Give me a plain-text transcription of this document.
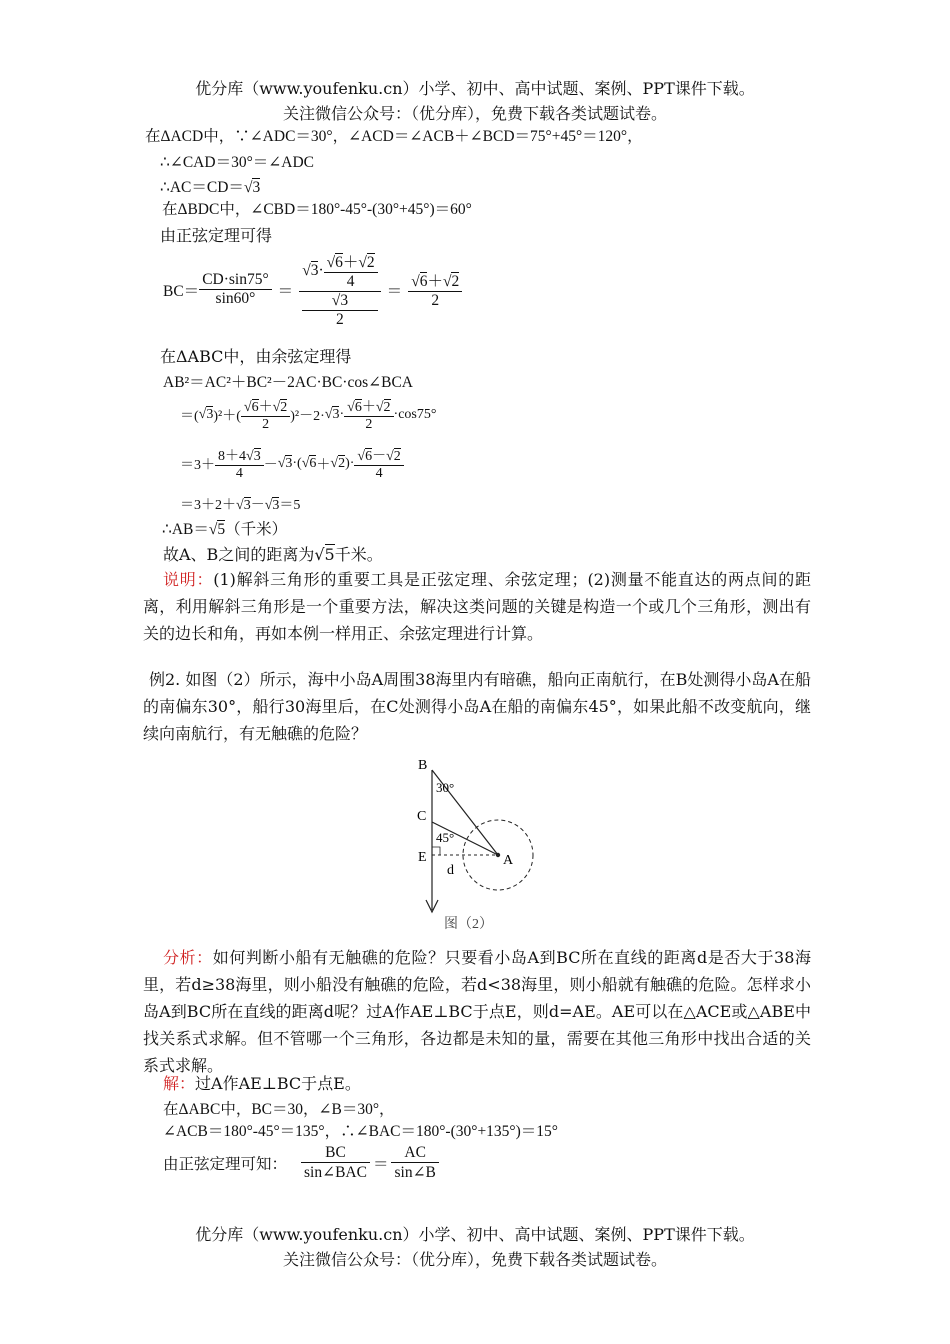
优分库（www.youfenku.cn）小学、初中、高中试题、案例、PPT课件下载。
关注微信公众号：（优分库），免费下载各类试题试卷。
在ΔACD中，∵∠ADC＝30°，∠ACD＝∠ACB＋∠BCD＝75°+45°＝120°，
∴∠CAD＝30°＝∠ADC
∴AC＝CD＝√3
在ΔBDC中，∠CBD＝180°-45°-(30°+45°)＝60°
由正弦定理可得
$BC= \frac{CD\cdot\sin 75^\circ}{\sin 60^\circ}$ ＝ √ $3 \cdot \frac{√6+√2}{4}$
√3
$2 = \frac{√6+√2}{2}$
在ΔABC中，由余弦定理得
AB²＝AC²＋BC²－2AC·BC·cos∠BCA
＝( √ 3 )$^2+( \frac{√6+√2}{2} )^2-2\cdot$ √ $3 \cdot \frac{√6+√2}{2} \cdot\cos 75^\circ$
$=3+ \frac{8+4√3}{4}$ － √ 3 ·( √ 6 ＋ √ 2 )· $\frac{√6-√2}{4}$
＝3＋2＋√3－√3＝5
∴AB＝√5（千米）
故A、B之间的距离为√5千米。
说明：(1)解斜三角形的重要工具是正弦定理、余弦定理；(2)测量不能直达的两点间的距离，利用解斜三角形是一个重要方法，解决这类问题的关键是构造一个或几个三角形，测出有关的边长和角，再如本例一样用正、余弦定理进行计算。
例2. 如图（2）所示，海中小岛A周围38海里内有暗礁，船向正南航行，在B处测得小岛A在船的南偏东30°，船行30海里后，在C处测得小岛A在船的南偏东45°，如果此船不改变航向，继续向南航行，有无触礁的危险？
B
C
E	A
d
30°
45°
图（2）
分析：如何判断小船有无触礁的危险？只要看小岛A到BC所在直线的距离d是否大于38海里，若d≥38海里，则小船没有触礁的危险，若d<38海里，则小船就有触礁的危险。怎样求小岛A到BC所在直线的距离d呢？过A作AE⊥BC于点E，则d=AE。AE可以在△ACE或△ABE中找关系式求解。但不管哪一个三角形，各边都是未知的量，需要在其他三角形中找出合适的关系式求解。
解：过A作AE⊥BC于点E。
在ΔABC中，BC＝30，∠B＝30°，
∠ACB＝180°-45°＝135°，∴∠BAC＝180°-(30°+135°)＝15°
由正弦定理可知： $\frac{BC}{\text{sin∠BAC}} = \frac{AC}{\sin\angle B}$
优分库（www.youfenku.cn）小学、初中、高中试题、案例、PPT课件下载。
关注微信公众号：（优分库），免费下载各类试题试卷。
